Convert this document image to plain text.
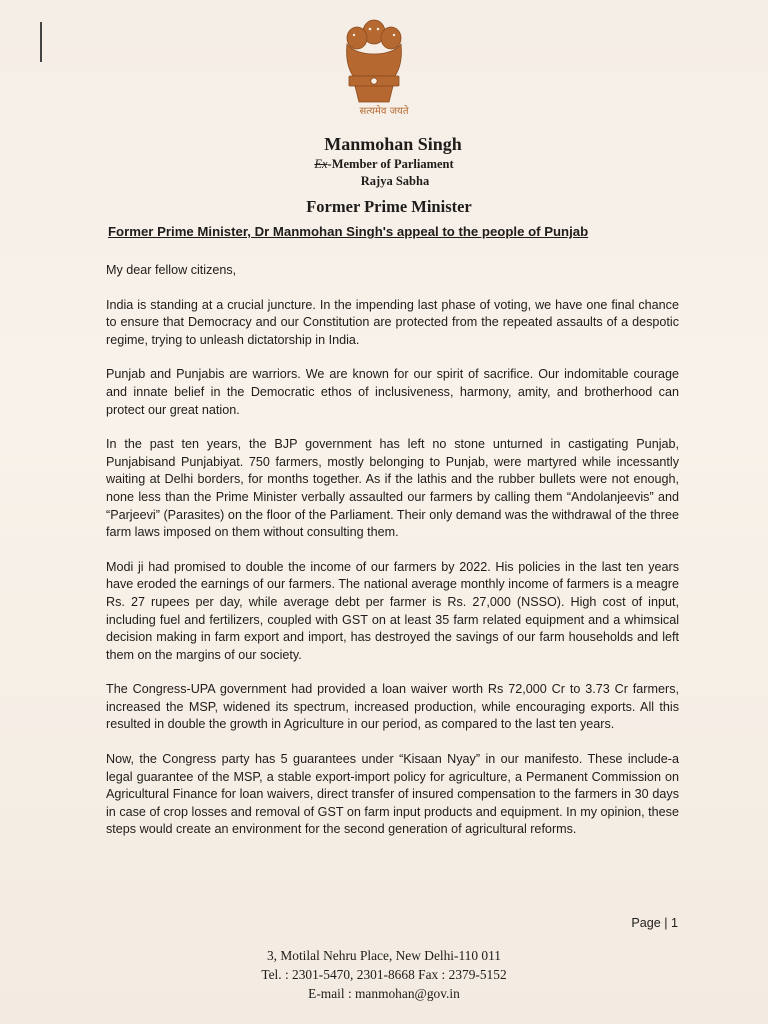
सत्यमेव जयते
Manmohan Singh
Ex-Member of Parliament
Rajya Sabha
Former Prime Minister
Former Prime Minister, Dr Manmohan Singh's appeal to the people of Punjab

My dear fellow citizens,

India is standing at a crucial juncture. In the impending last phase of voting, we have one final chance to ensure that Democracy and our Constitution are protected from the repeated assaults of a despotic regime, trying to unleash dictatorship in India.

Punjab and Punjabis are warriors. We are known for our spirit of sacrifice. Our indomitable courage and innate belief in the Democratic ethos of inclusiveness, harmony, amity, and brotherhood can protect our great nation.

In the past ten years, the BJP government has left no stone unturned in castigating Punjab, Punjabisand Punjabiyat. 750 farmers, mostly belonging to Punjab, were martyred while incessantly waiting at Delhi borders, for months together. As if the lathis and the rubber bullets were not enough, none less than the Prime Minister verbally assaulted our farmers by calling them “Andolanjeevis” and “Parjeevi” (Parasites) on the floor of the Parliament. Their only demand was the withdrawal of the three farm laws imposed on them without consulting them.

Modi ji had promised to double the income of our farmers by 2022. His policies in the last ten years have eroded the earnings of our farmers. The national average monthly income of farmers is a meagre Rs. 27 rupees per day, while average debt per farmer is Rs. 27,000 (NSSO). High cost of input, including fuel and fertilizers, coupled with GST on at least 35 farm related equipment and a whimsical decision making in farm export and import, has destroyed the savings of our farm households and left them on the margins of our society.

The Congress-UPA government had provided a loan waiver worth Rs 72,000 Cr to 3.73 Cr farmers, increased the MSP, widened its spectrum, increased production, while encouraging exports. All this resulted in double the growth in Agriculture in our period, as compared to the last ten years.

Now, the Congress party has 5 guarantees under “Kisaan Nyay” in our manifesto. These include-a legal guarantee of the MSP, a stable export-import policy for agriculture, a Permanent Commission on Agricultural Finance for loan waivers, direct transfer of insured compensation to the farmers in 30 days in case of crop losses and removal of GST on farm input products and equipment. In my opinion, these steps would create an environment for the second generation of agricultural reforms.

Page | 1
3, Motilal Nehru Place, New Delhi-110 011
Tel. : 2301-5470, 2301-8668 Fax : 2379-5152
E-mail : manmohan@gov.in
